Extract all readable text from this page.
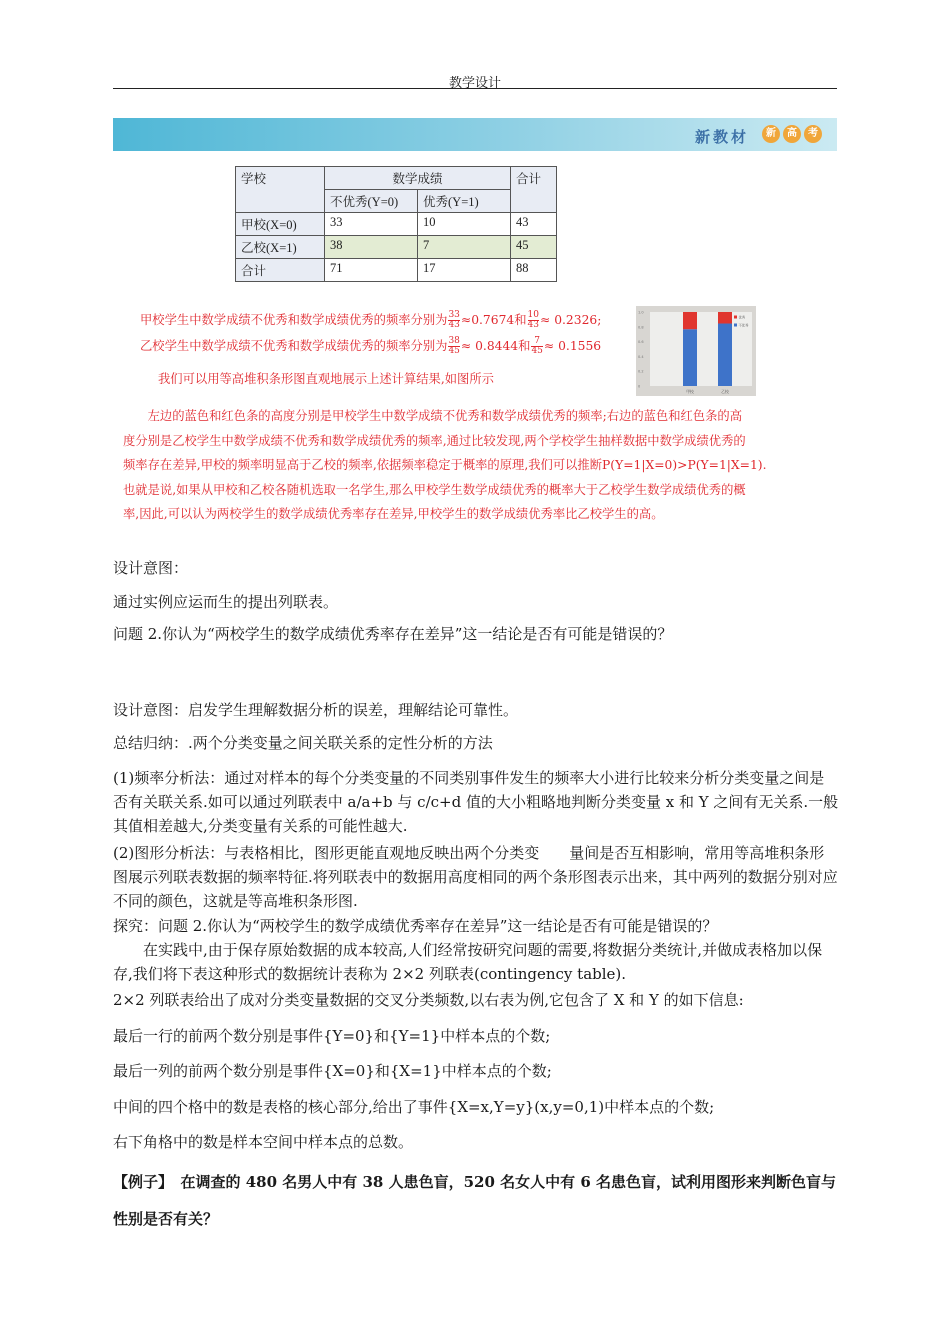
教学设计
新教材	新	高	考
学校	数学成绩		合计
	不优秀(Y=0)	优秀(Y=1)	
甲校(X=0)	33	10	43
乙校(X=1)	38	7	45
合计	71	17	88
甲校学生中数学成绩不优秀和数学成绩优秀的频率分别为 $\frac{33}{43} \approx 0.7674$和 $\frac{10}{43} \approx 0.2326$;
乙校学生中数学成绩不优秀和数学成绩优秀的频率分别为 $\frac{38}{45} \approx 0.8444$和 $\frac{7}{45} \approx 0.1556$
我们可以用等高堆积条形图直观地展示上述计算结果,如图所示
0
0.2
0.4
0.6
0.8
1.0
甲校	乙校
优秀
不优秀
左边的蓝色和红色条的高度分别是甲校学生中数学成绩不优秀和数学成绩优秀的频率;右边的蓝色和红色条的高
度分别是乙校学生中数学成绩不优秀和数学成绩优秀的频率,通过比较发现,两个学校学生抽样数据中数学成绩优秀的
频率存在差异,甲校的频率明显高于乙校的频率,依据频率稳定于概率的原理,我们可以推断P(Y=1|X=0)>P(Y=1|X=1).
也就是说,如果从甲校和乙校各随机选取一名学生,那么甲校学生数学成绩优秀的概率大于乙校学生数学成绩优秀的概
率,因此,可以认为两校学生的数学成绩优秀率存在差异,甲校学生的数学成绩优秀率比乙校学生的高。
设计意图：
通过实例应运而生的提出列联表。
问题 2.你认为“两校学生的数学成绩优秀率存在差异”这一结论是否有可能是错误的？
设计意图：启发学生理解数据分析的误差，理解结论可靠性。
总结归纳：.两个分类变量之间关联关系的定性分析的方法
(1)频率分析法：通过对样本的每个分类变量的不同类别事件发生的频率大小进行比较来分析分类变量之间是否有关联关系.如可以通过列联表中 a/a+b 与 c/c+d 值的大小粗略地判断分类变量 x 和 Y 之间有无关系.一般其值相差越大,分类变量有关系的可能性越大.
(2)图形分析法：与表格相比，图形更能直观地反映出两个分类变　　量间是否互相影响，常用等高堆积条形图展示列联表数据的频率特征.将列联表中的数据用高度相同的两个条形图表示出来，其中两列的数据分别对应不同的颜色，这就是等高堆积条形图.
探究：问题 2.你认为“两校学生的数学成绩优秀率存在差异”这一结论是否有可能是错误的？
在实践中,由于保存原始数据的成本较高,人们经常按研究问题的需要,将数据分类统计,并做成表格加以保存,我们将下表这种形式的数据统计表称为 2×2 列联表(contingency table).
2×2 列联表给出了成对分类变量数据的交叉分类频数,以右表为例,它包含了 X 和 Y 的如下信息:
最后一行的前两个数分别是事件{Y=0}和{Y=1}中样本点的个数;
最后一列的前两个数分别是事件{X=0}和{X=1}中样本点的个数;
中间的四个格中的数是表格的核心部分,给出了事件{X=x,Y=y}(x,y=0,1)中样本点的个数;
右下角格中的数是样本空间中样本点的总数。
【例子】　在调查的 480 名男人中有 38 人患色盲，520 名女人中有 6 名患色盲，试利用图形来判断色盲与性别是否有关？
